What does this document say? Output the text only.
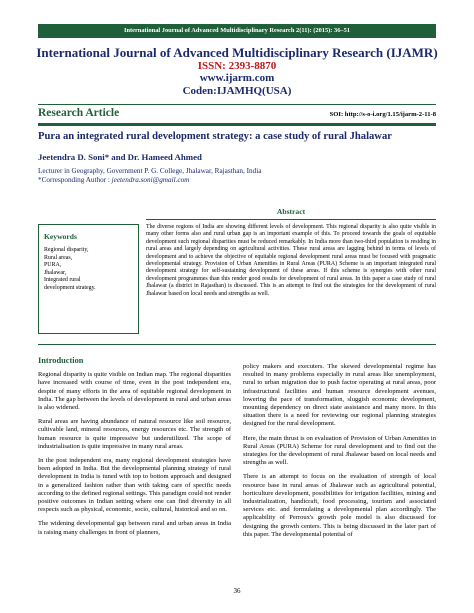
International Journal of Advanced Multidisciplinary Research 2(11): (2015): 36–51
International Journal of Advanced Multidisciplinary Research (IJAMR)
ISSN: 2393-8870
www.ijarm.com
Coden:IJAMHQ(USA)
Research Article	SOI: http://s-o-i.org/1.15/ijarm-2-11-8
Pura an integrated rural development strategy: a case study of rural Jhalawar
Jeetendra D. Soni* and Dr. Hameed Ahmed
Lecturer in Geography, Government P. G. College, Jhalawar, Rajasthan, India
*Corresponding Author : jeetendra.soni@gmail.com
Abstract
Keywords
Regional disparity,
Rural areas,
PURA,
Jhalawar,
Integrated rural
development strategy.
The diverse regions of India are showing different levels of development. This regional disparity is also quite visible in many other forms also and rural urban gap is an important example of this. To proceed towards the goals of equitable development such regional disparities must be reduced remarkably. In India more than two-third population is residing in rural areas and largely depending on agricultural activities. These rural areas are lagging behind in terms of levels of development and to achieve the objective of equitable regional development rural areas must be focused with pragmatic developmental strategy. Provision of Urban Amenities in Rural Areas (PURA) Scheme is an important integrated rural development strategy for self-sustaining development of these areas. If this scheme is synergies with other rural development programmes than this render good results for development of rural areas. In this paper a case study of rural Jhalawar (a district in Rajasthan) is discussed. This is an attempt to find out the strategies for the development of rural Jhalawar based on local needs and strengths as well.
Introduction

Regional disparity is quite visible on Indian map. The regional disparities have increased with course of time, even in the post independent era, despite of many efforts in the area of equitable regional development in India. The gap between the levels of development in rural and urban areas is also widened.

Rural areas are having abundance of natural resource like soil resource, cultivable land, mineral resources, energy resources etc. The strength of human resource is quite impressive but underutilized. The scope of industrialisation is quite impressive in many rural areas.

In the post independent era, many regional development strategies have been adopted in India. But the developmental planning strategy of rural development in India is tuned with top to bottom approach and designed in a generalized fashion rather than with taking care of specific needs according to the defined regional settings. This paradigm could not render positive outcomes in Indian setting where one can find diversity in all respects such as physical, economic, socio, cultural, historical and so on.

The widening developmental gap between rural and urban areas in India is raising many challenges in front of planners,

policy makers and executers. The skewed developmental regime has resulted in many problems especially in rural areas like unemployment, rural to urban migration due to push factor operating at rural areas, poor infrastructural facilities and human resource development avenues, lowering the pace of transformation, sluggish economic development, mounting dependency on direct state assistance and many more. In this situation there is a need for reviewing our regional planning strategies designed for the rural development.

Here, the main thrust is on evaluation of Provision of Urban Amenities in Rural Areas (PURA) Scheme for rural development and to find out the strategies for the development of rural Jhalawar based on local needs and strengths as well.

There is an attempt to focus on the evaluation of strength of local resource base in rural areas of Jhalawar such as agricultural potential, horticulture development, possibilities for irrigation facilities, mining and industrialization, handicraft, food processing, tourism and associated services etc. and formulating a developmental plan accordingly. The applicability of Perroux's growth pole model is also discussed for designing the growth centers. This is being discussed in the later part of this paper. The developmental potential of

36
